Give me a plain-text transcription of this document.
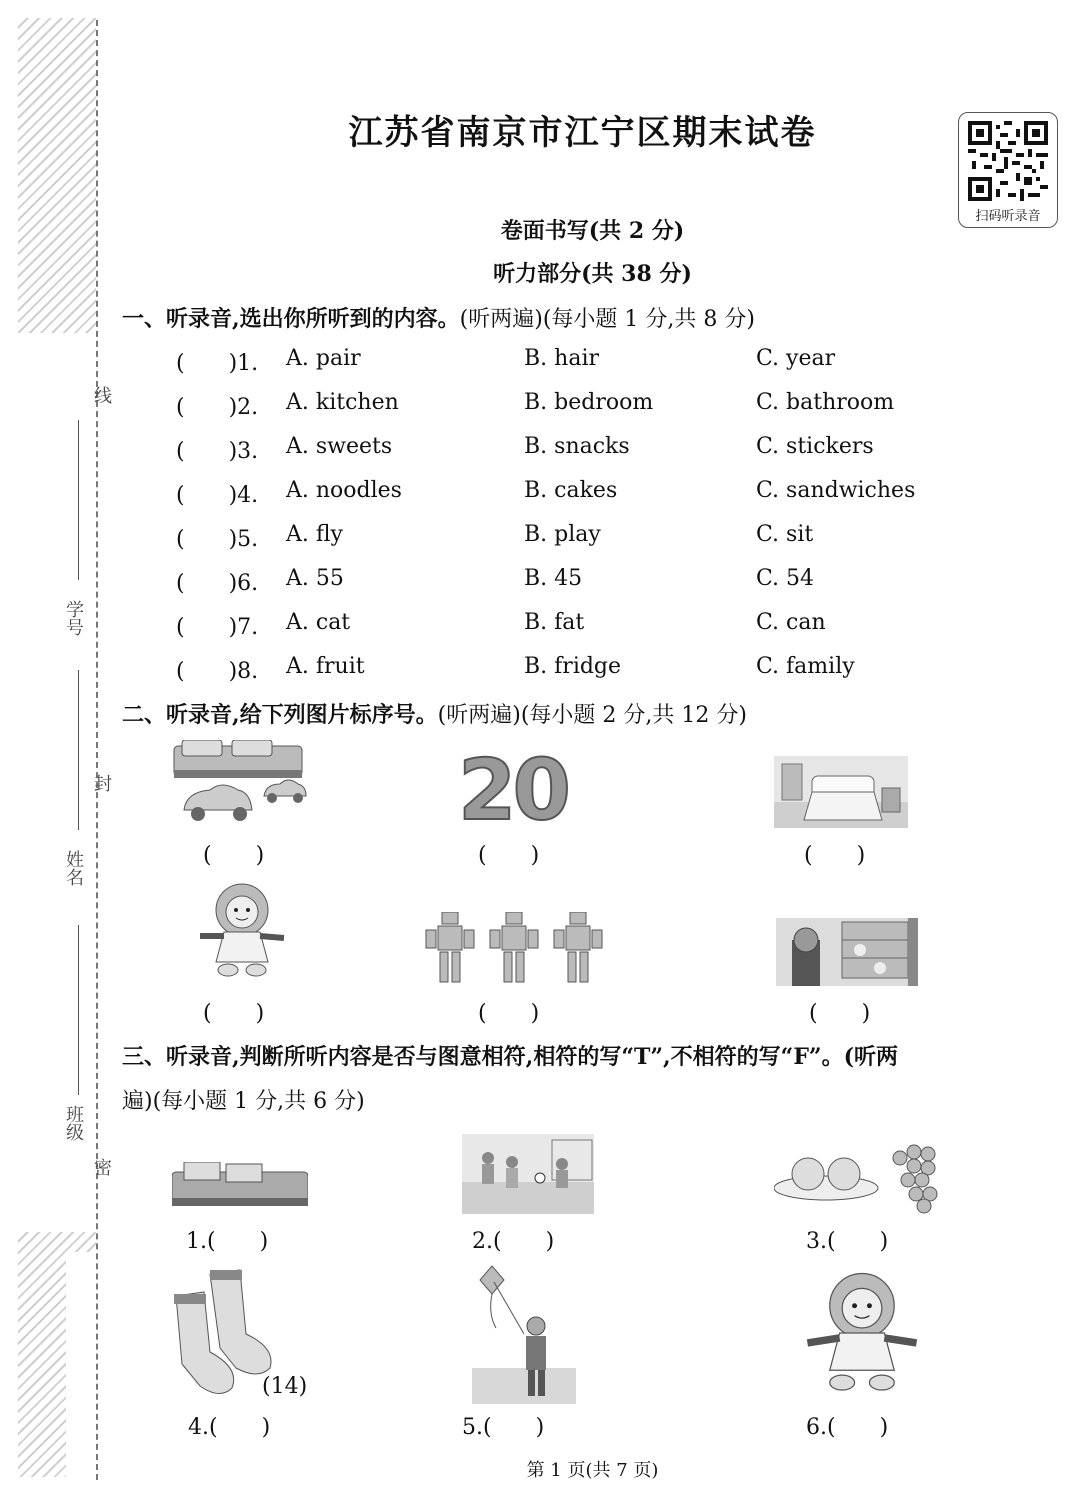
线
学号
封
姓名
班级
密
江苏省南京市江宁区期末试卷
扫码听录音
卷面书写(共 2 分)
听力部分(共 38 分)
一、听录音,选出你所听到的内容。(听两遍)(每小题 1 分,共 8 分)
(　　)1. A. pair	B. hair	C. year
(　　)2. A. kitchen	B. bedroom	C. bathroom
(　　)3. A. sweets	B. snacks	C. stickers
(　　)4. A. noodles	B. cakes	C. sandwiches
(　　)5. A. fly	B. play	C. sit
(　　)6. A. 55	B. 45	C. 54
(　　)7. A. cat	B. fat	C. can
(　　)8. A. fruit	B. fridge	C. family
二、听录音,给下列图片标序号。(听两遍)(每小题 2 分,共 12 分)
(　　)
20
(　　)	(　　)
(　　)	(　　)	(　　)
三、听录音,判断所听内容是否与图意相符,相符的写“T”,不相符的写“F”。(听两
遍)(每小题 1 分,共 6 分)
1.(　　)	2.(　　)	3.(　　)
(14)
4.(　　)	5.(　　)	6.(　　)
第 1 页(共 7 页)
